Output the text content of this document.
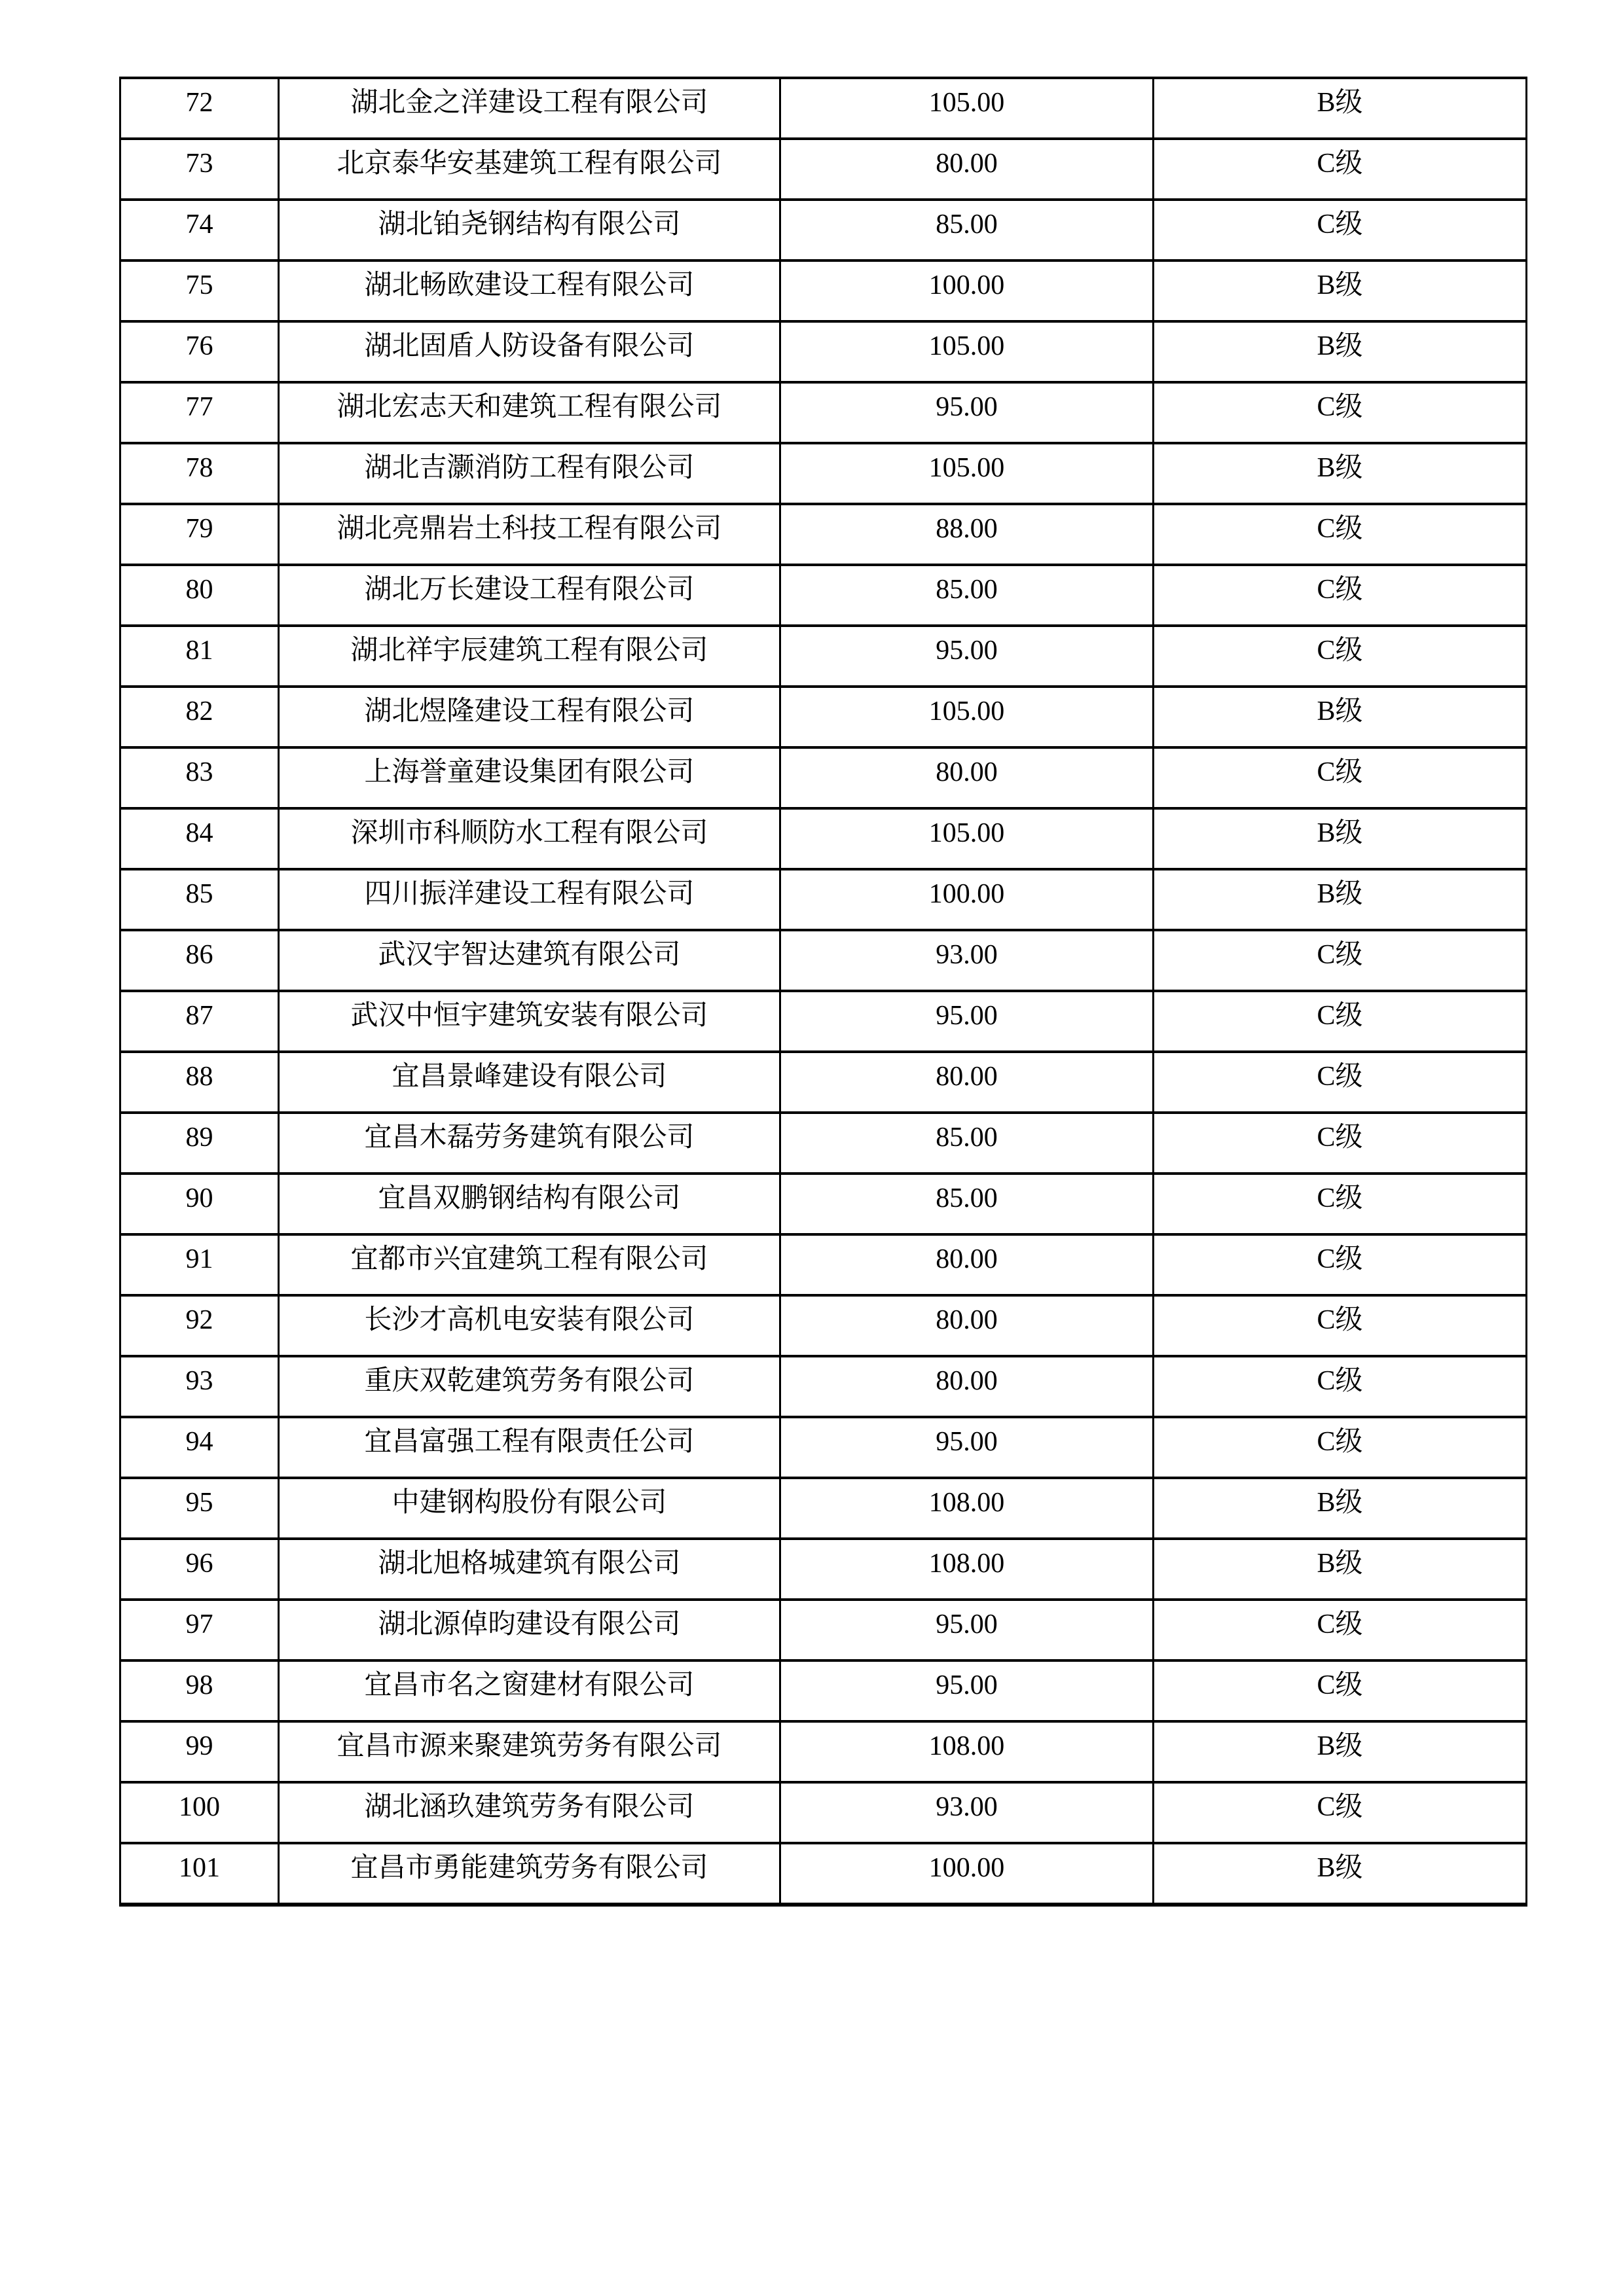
72	湖北金之洋建设工程有限公司	105.00	B级
73	北京泰华安基建筑工程有限公司	80.00	C级
74	湖北铂尧钢结构有限公司	85.00	C级
75	湖北畅欧建设工程有限公司	100.00	B级
76	湖北固盾人防设备有限公司	105.00	B级
77	湖北宏志天和建筑工程有限公司	95.00	C级
78	湖北吉灏消防工程有限公司	105.00	B级
79	湖北亮鼎岩土科技工程有限公司	88.00	C级
80	湖北万长建设工程有限公司	85.00	C级
81	湖北祥宇辰建筑工程有限公司	95.00	C级
82	湖北煜隆建设工程有限公司	105.00	B级
83	上海誉童建设集团有限公司	80.00	C级
84	深圳市科顺防水工程有限公司	105.00	B级
85	四川振洋建设工程有限公司	100.00	B级
86	武汉宇智达建筑有限公司	93.00	C级
87	武汉中恒宇建筑安装有限公司	95.00	C级
88	宜昌景峰建设有限公司	80.00	C级
89	宜昌木磊劳务建筑有限公司	85.00	C级
90	宜昌双鹏钢结构有限公司	85.00	C级
91	宜都市兴宜建筑工程有限公司	80.00	C级
92	长沙才高机电安装有限公司	80.00	C级
93	重庆双乾建筑劳务有限公司	80.00	C级
94	宜昌富强工程有限责任公司	95.00	C级
95	中建钢构股份有限公司	108.00	B级
96	湖北旭格城建筑有限公司	108.00	B级
97	湖北源倬昀建设有限公司	95.00	C级
98	宜昌市名之窗建材有限公司	95.00	C级
99	宜昌市源来聚建筑劳务有限公司	108.00	B级
100	湖北涵玖建筑劳务有限公司	93.00	C级
101	宜昌市勇能建筑劳务有限公司	100.00	B级
